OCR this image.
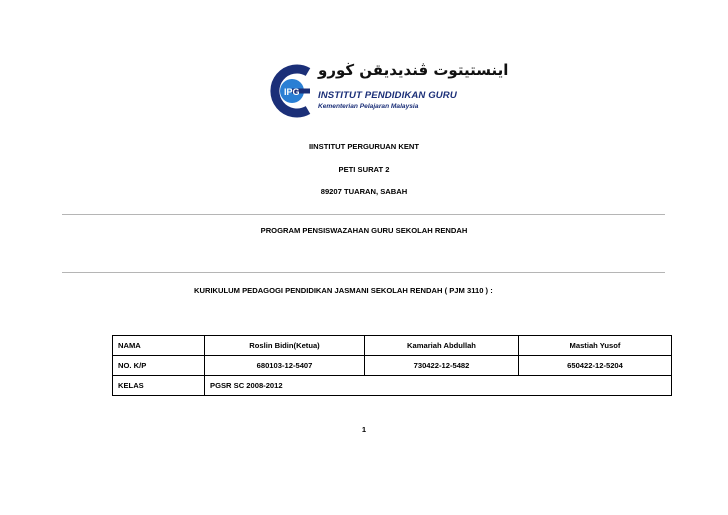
IPG
اينستيتوت ڤنديديقن ڬورو
INSTITUT PENDIDIKAN GURU
Kementerian Pelajaran Malaysia
IINSTITUT PERGURUAN KENT
PETI SURAT 2
89207 TUARAN, SABAH
PROGRAM PENSISWAZAHAN GURU SEKOLAH RENDAH
KURIKULUM PEDAGOGI PENDIDIKAN JASMANI SEKOLAH RENDAH ( PJM 3110 ) :
NAMA	Roslin Bidin(Ketua)	Kamariah Abdullah	Mastiah Yusof
NO. K/P	680103-12-5407	730422-12-5482	650422-12-5204
KELAS	PGSR SC 2008-2012		
1
